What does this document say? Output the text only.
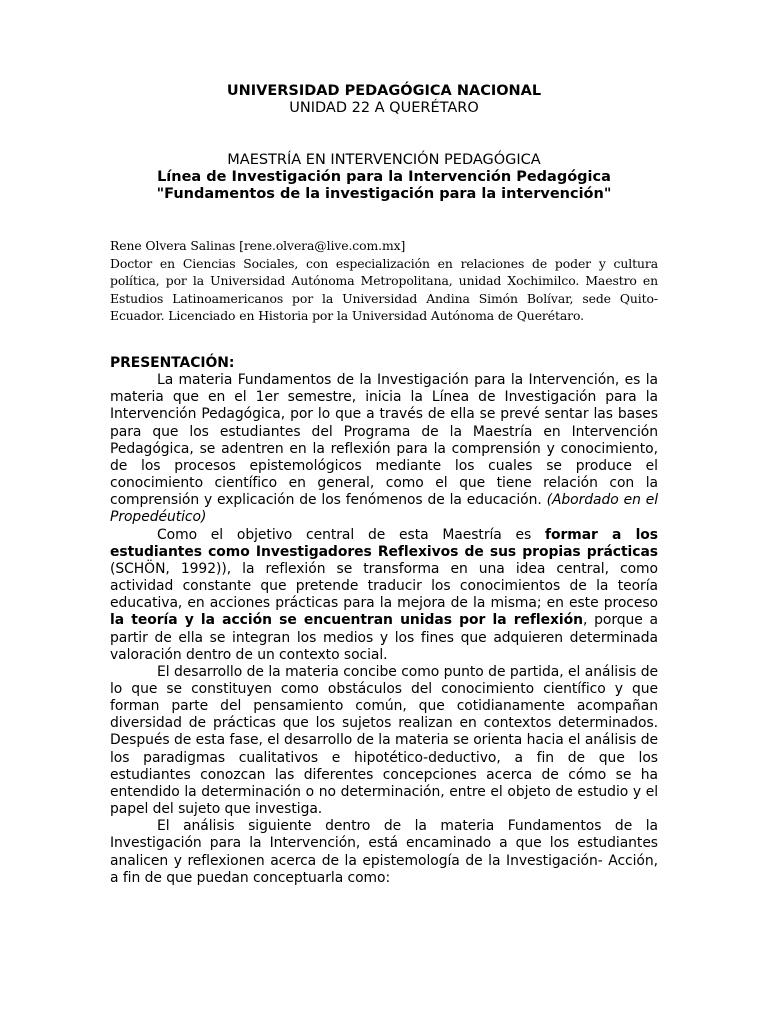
UNIVERSIDAD PEDAGÓGICA NACIONAL
UNIDAD 22 A QUERÉTARO
MAESTRÍA EN INTERVENCIÓN PEDAGÓGICA
Línea de Investigación para la Intervención Pedagógica
"Fundamentos de la investigación para la intervención"
Rene Olvera Salinas [rene.olvera@live.com.mx]
Doctor en Ciencias Sociales, con especialización en relaciones de poder y cultura política, por la Universidad Autónoma Metropolitana, unidad Xochimilco. Maestro en Estudios Latinoamericanos por la Universidad Andina Simón Bolívar, sede Quito-Ecuador. Licenciado en Historia por la Universidad Autónoma de Querétaro.

PRESENTACIÓN:

La materia Fundamentos de la Investigación para la Intervención, es la materia que en el 1er semestre, inicia la Línea de Investigación para la Intervención Pedagógica, por lo que a través de ella se prevé sentar las bases para que los estudiantes del Programa de la Maestría en Intervención Pedagógica, se adentren en la reflexión para la comprensión y conocimiento, de los procesos epistemológicos mediante los cuales se produce el conocimiento científico en general, como el que tiene relación con la comprensión y explicación de los fenómenos de la educación. (Abordado en el Propedéutico)

Como el objetivo central de esta Maestría es formar a los estudiantes como Investigadores Reflexivos de sus propias prácticas (SCHÖN, 1992)), la reflexión se transforma en una idea central, como actividad constante que pretende traducir los conocimientos de la teoría educativa, en acciones prácticas para la mejora de la misma; en este proceso la teoría y la acción se encuentran unidas por la reflexión, porque a partir de ella se integran los medios y los fines que adquieren determinada valoración dentro de un contexto social.

El desarrollo de la materia concibe como punto de partida, el análisis de lo que se constituyen como obstáculos del conocimiento científico y que forman parte del pensamiento común, que cotidianamente acompañan diversidad de prácticas que los sujetos realizan en contextos determinados. Después de esta fase, el desarrollo de la materia se orienta hacia el análisis de los paradigmas cualitativos e hipotético-deductivo, a fin de que los estudiantes conozcan las diferentes concepciones acerca de cómo se ha entendido la determinación o no determinación, entre el objeto de estudio y el papel del sujeto que investiga.

El análisis siguiente dentro de la materia Fundamentos de la Investigación para la Intervención, está encaminado a que los estudiantes analicen y reflexionen acerca de la epistemología de la Investigación- Acción, a fin de que puedan conceptuarla como:
